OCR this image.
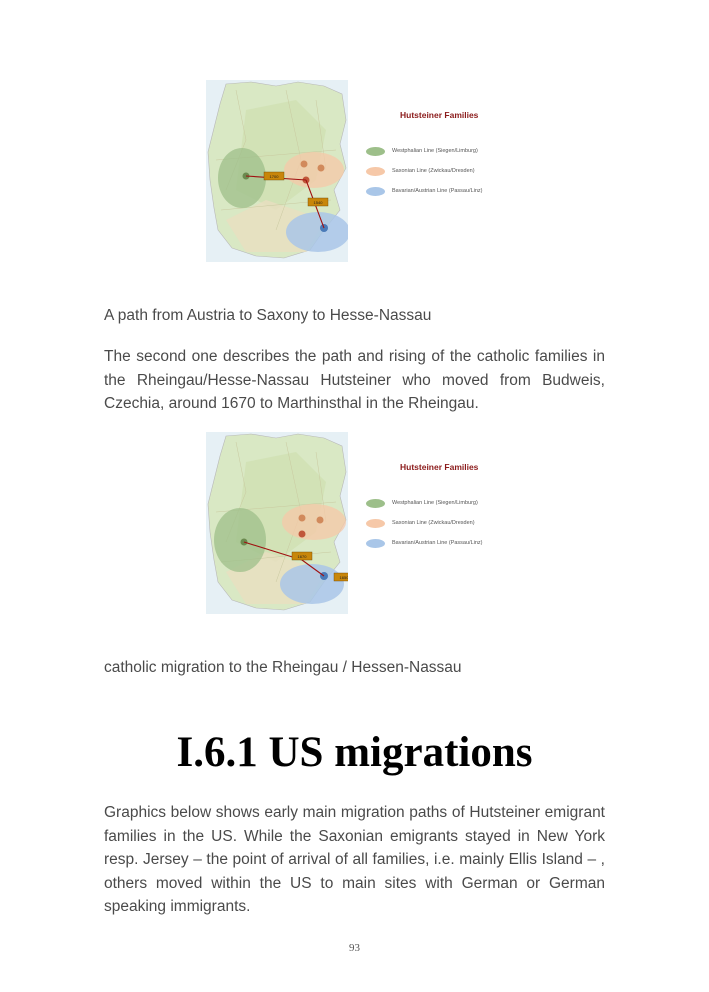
1700
1540
Hutsteiner Families
Westphalian Line (Siegen/Limburg)
Saxonian Line (Zwickau/Dresden)
Bavarian/Austrian Line (Passau/Linz)
A path from Austria to Saxony to Hesse-Nassau
The second one describes the path and rising of the catholic families in the Rheingau/Hesse-Nassau Hutsteiner who moved from Budweis, Czechia, around 1670 to Marthinsthal in the Rheingau.
1670
1650
Hutsteiner Families
Westphalian Line (Siegen/Limburg)
Saxonian Line (Zwickau/Dresden)
Bavarian/Austrian Line (Passau/Linz)
catholic migration to the Rheingau / Hessen-Nassau
I.6.1 US migrations
Graphics below shows early main migration paths of Hutsteiner emigrant families in the US. While the Saxonian emigrants stayed in New York resp. Jersey – the point of arrival of all families, i.e. mainly Ellis Island – , others moved within the US to main sites with German or German speaking immigrants.
93
